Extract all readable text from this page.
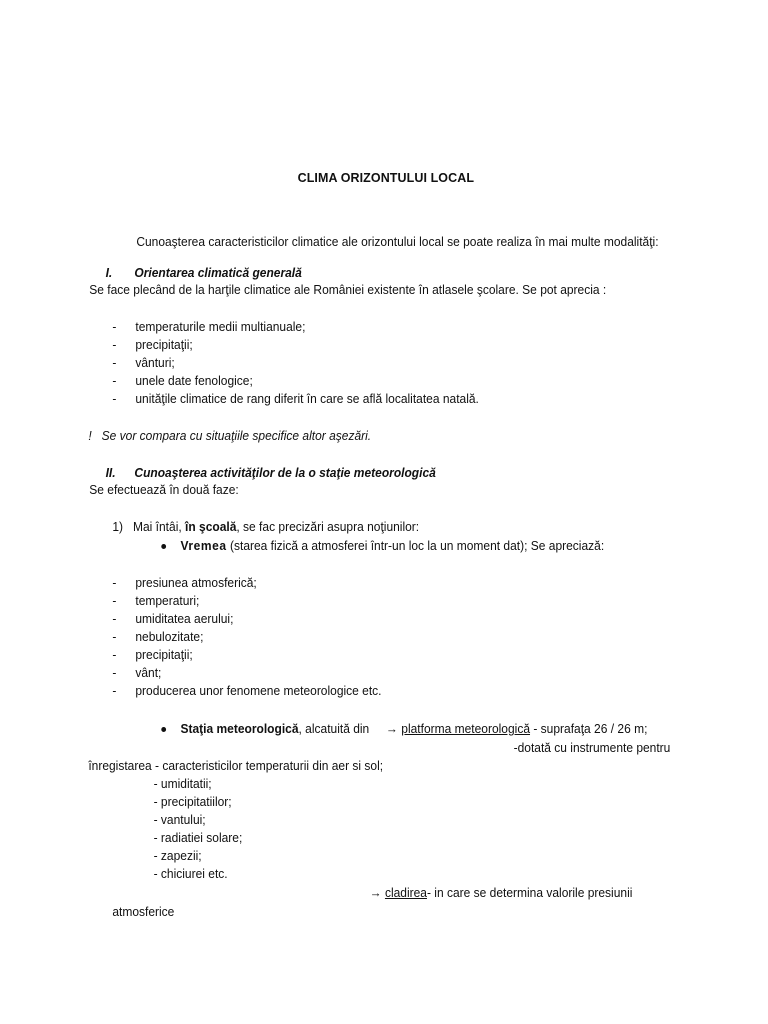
CLIMA ORIZONTULUI LOCAL
Cunoaşterea caracteristicilor climatice ale orizontului local se poate realiza în mai multe modalităţi:
I. Orientarea climatică generală
Se face plecând de la harţile climatice ale României existente în atlasele şcolare. Se pot aprecia :
- temperaturile medii multianuale;
- precipitaţii;
- vânturi;
- unele date fenologice;
- unităţile climatice de rang diferit în care se află localitatea natală.
! Se vor compara cu situaţiile specifice altor aşezări.
II. Cunoaşterea activităţilor de la o staţie meteorologică
Se efectuează în două faze:
1) Mai întâi, în şcoală, se fac precizări asupra noţiunilor:
Vremea (starea fizică a atmosferei într-un loc la un moment dat); Se apreciază:
- presiunea atmosferică;
- temperaturi;
- umiditatea aerului;
- nebulozitate;
- precipitaţii;
- vânt;
- producerea unor fenomene meteorologice etc.
Staţia meteorologică, alcatuită din → platforma meteorologică - suprafaţa 26 / 26 m;
-dotată cu instrumente pentru
înregistarea - caracteristicilor temperaturii din aer si sol;
- umiditatii;
- precipitatiilor;
- vantului;
- radiatiei solare;
- zapezii;
- chiciurei etc.
→ cladirea- in care se determina valorile presiunii
atmosferice
